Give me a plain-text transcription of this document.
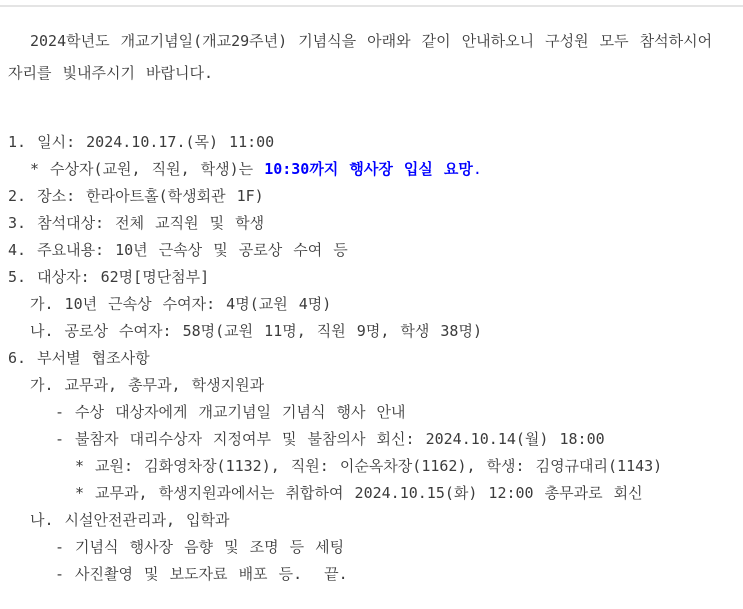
2024학년도 개교기념일(개교29주년) 기념식을 아래와 같이 안내하오니 구성원 모두 참석하시어
자리를 빛내주시기 바랍니다.
1. 일시: 2024.10.17.(목) 11:00
* 수상자(교원, 직원, 학생)는 10:30까지 행사장 입실 요망.
2. 장소: 한라아트홀(학생회관 1F)
3. 참석대상: 전체 교직원 및 학생
4. 주요내용: 10년 근속상 및 공로상 수여 등
5. 대상자: 62명[명단첨부]
가. 10년 근속상 수여자: 4명(교원 4명)
나. 공로상 수여자: 58명(교원 11명, 직원 9명, 학생 38명)
6. 부서별 협조사항
가. 교무과, 총무과, 학생지원과
- 수상 대상자에게 개교기념일 기념식 행사 안내
- 불참자 대리수상자 지정여부 및 불참의사 회신: 2024.10.14(월) 18:00
* 교원: 김화영차장(1132), 직원: 이순옥차장(1162), 학생: 김영규대리(1143)
* 교무과, 학생지원과에서는 취합하여 2024.10.15(화) 12:00 총무과로 회신
나. 시설안전관리과, 입학과
- 기념식 행사장 음향 및 조명 등 세팅
- 사진촬영 및 보도자료 배포 등.  끝.
